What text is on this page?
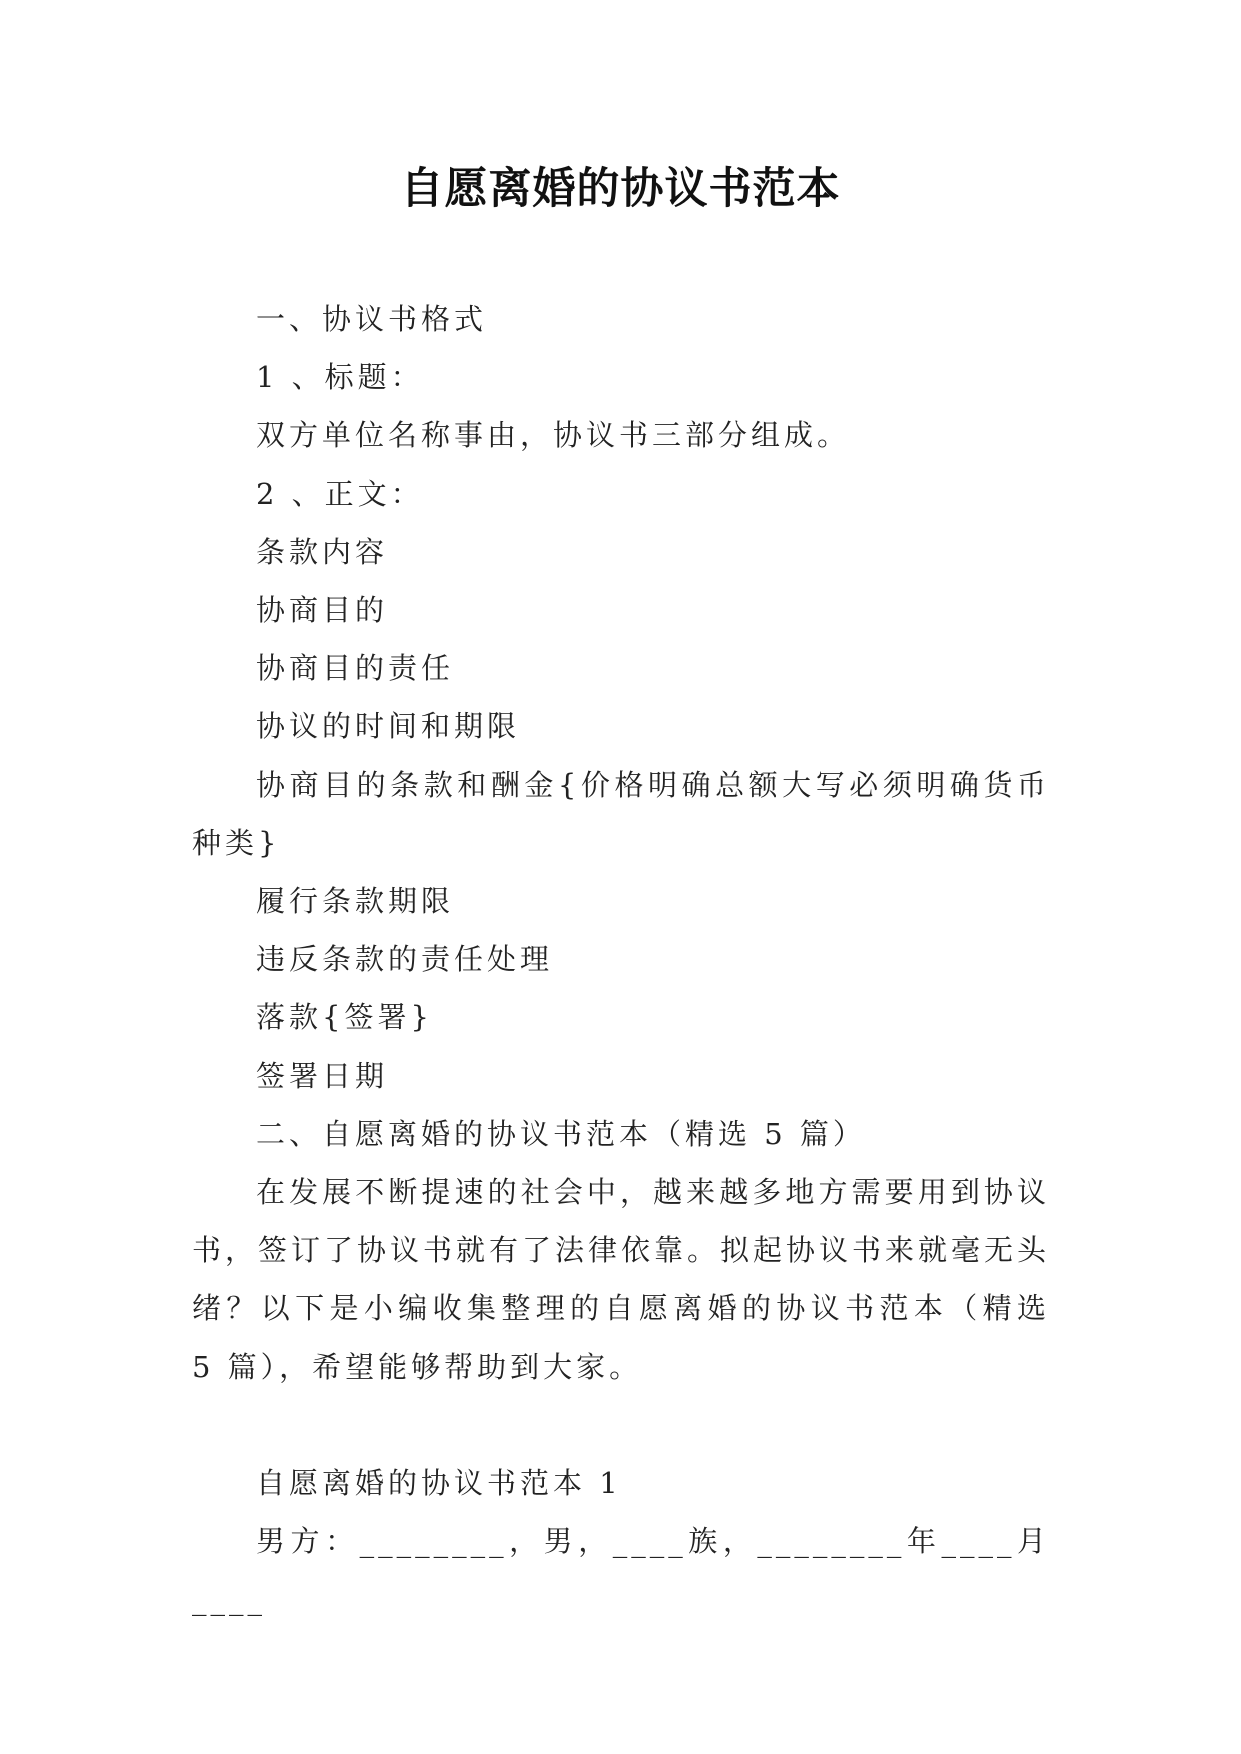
自愿离婚的协议书范本

一、协议书格式

1 、标题：

双方单位名称事由，协议书三部分组成。

2 、正文：

条款内容

协商目的

协商目的责任

协议的时间和期限

协商目的条款和酬金{价格明确总额大写必须明确货币种类}

履行条款期限

违反条款的责任处理

落款{签署}

签署日期

二、自愿离婚的协议书范本（精选 5 篇）

在发展不断提速的社会中，越来越多地方需要用到协议书，签订了协议书就有了法律依靠。拟起协议书来就毫无头绪？以下是小编收集整理的自愿离婚的协议书范本（精选 5 篇），希望能够帮助到大家。

自愿离婚的协议书范本 1

男方：________，男，____族，________年____月____
